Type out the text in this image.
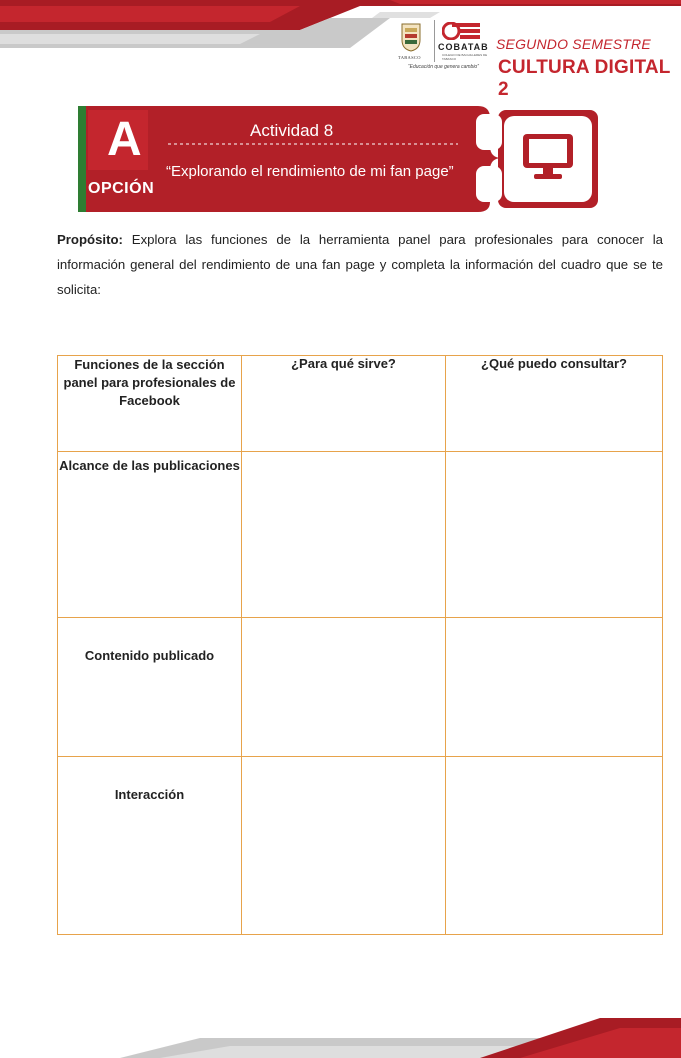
TABASCO
COBATAB
COLEGIO DE BACHILLERES DE TABASCO
“Educación que genera cambio”
SEGUNDO SEMESTRE
CULTURA DIGITAL 2
A
OPCIÓN
Actividad 8
“Explorando el rendimiento de mi fan page”
Propósito: Explora las funciones de la herramienta panel para profesionales para conocer la información general del rendimiento de una fan page y completa la información del cuadro que se te solicita:
Funciones de la sección panel para profesionales de Facebook	¿Para qué sirve?	¿Qué puedo consultar?
Alcance de las publicaciones		
Contenido publicado		
Interacción		
